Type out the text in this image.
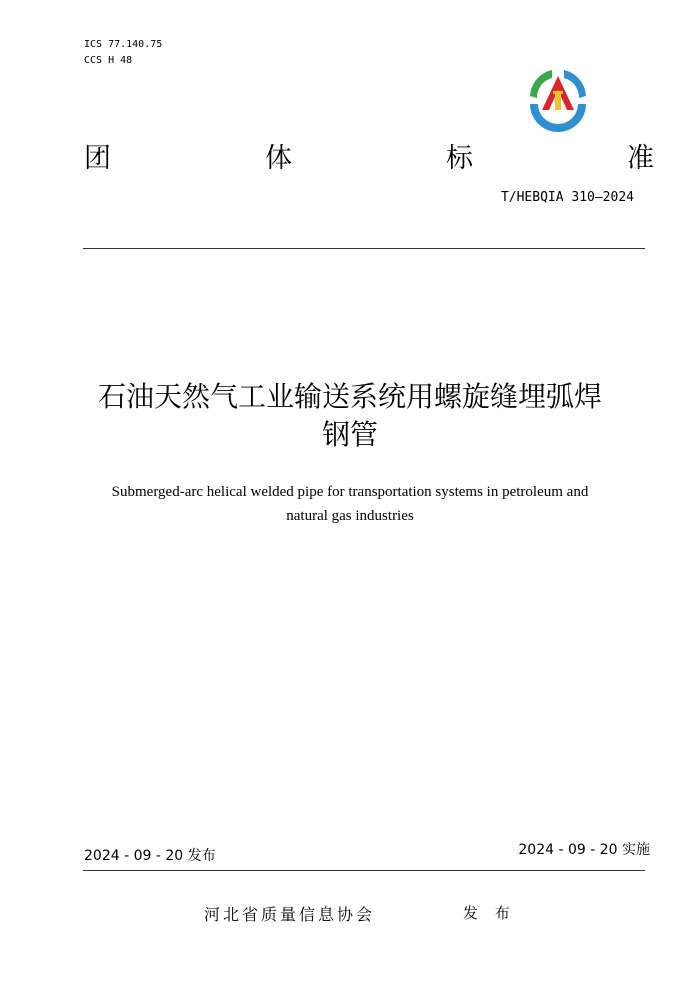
ICS 77.140.75
CCS H 48
团	体	标	准
T/HEBQIA 310—2024
石油天然气工业输送系统用螺旋缝埋弧焊
钢管
Submerged-arc helical welded pipe for transportation systems in petroleum and
natural gas industries
2024 - 09 - 20 发布	2024 - 09 - 20 实施
河北省质量信息协会	发 布
